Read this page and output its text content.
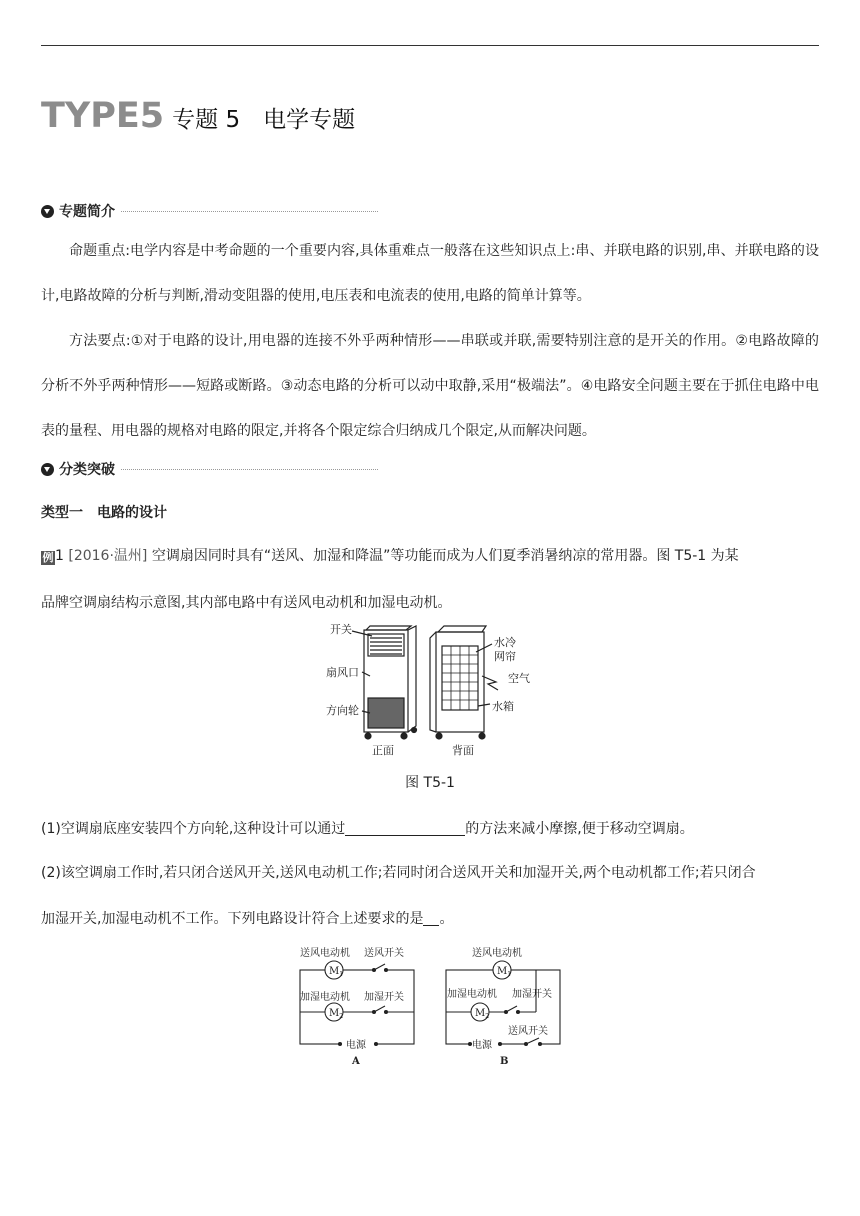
TYPE5 专题 5　电学专题
专题简介
命题重点:电学内容是中考命题的一个重要内容,具体重难点一般落在这些知识点上:串、并联电路的识别,串、并联电路的设计,电路故障的分析与判断,滑动变阻器的使用,电压表和电流表的使用,电路的简单计算等。
方法要点:①对于电路的设计,用电器的连接不外乎两种情形——串联或并联,需要特别注意的是开关的作用。②电路故障的分析不外乎两种情形——短路或断路。③动态电路的分析可以动中取静,采用“极端法”。④电路安全问题主要在于抓住电路中电表的量程、用电器的规格对电路的限定,并将各个限定综合归纳成几个限定,从而解决问题。
分类突破
类型一　电路的设计
例 1 [2016·温州] 空调扇因同时具有“送风、加湿和降温”等功能而成为人们夏季消暑纳凉的常用器。图 T5-1 为某
品牌空调扇结构示意图,其内部电路中有送风电动机和加湿电动机。
开关
扇风口
方向轮
正面
水冷
网帘
空气
水箱
背面
图 T5-1
(1)空调扇底座安装四个方向轮,这种设计可以通过	的方法来减小摩擦,便于移动空调扇。
(2)该空调扇工作时,若只闭合送风开关,送风电动机工作;若同时闭合送风开关和加湿开关,两个电动机都工作;若只闭合
加湿开关,加湿电动机不工作。下列电路设计符合上述要求的是 。
送风电动机 送风开关
$M_1$
加湿电动机 加湿开关
$M_2$
电源
A
送风电动机
$M_1$
加湿电动机 加湿开关
$M_2$
送风开关
电源
B
